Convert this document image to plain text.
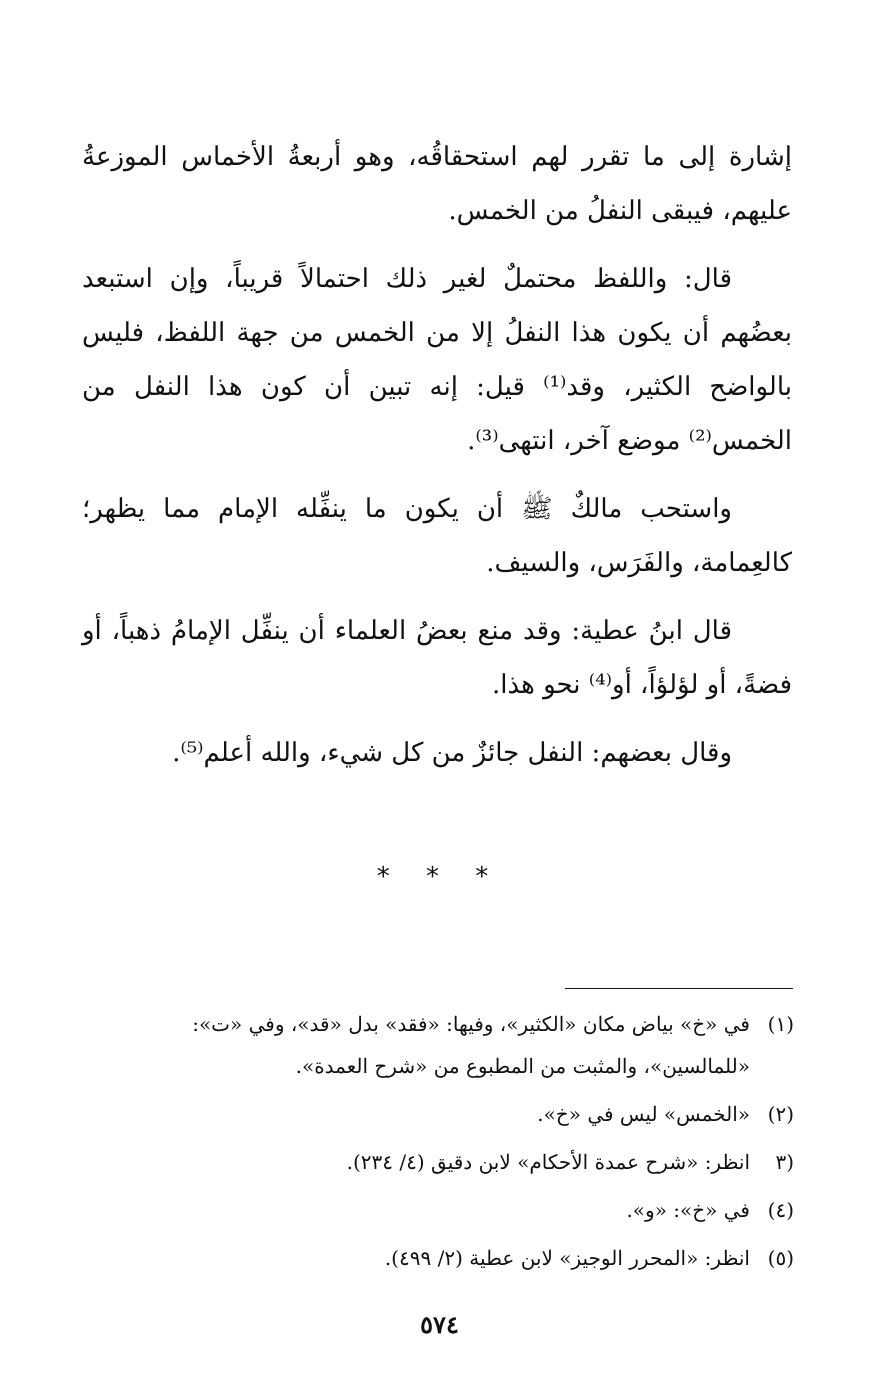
إشارة إلى ما تقرر لهم استحقاقُه، وهو أربعةُ الأخماس الموزعةُ عليهم، فيبقى النفلُ من الخمس.

قال: واللفظ محتملٌ لغير ذلك احتمالاً قريباً، وإن استبعد بعضُهم أن يكون هذا النفلُ إلا من الخمس من جهة اللفظ، فليس بالواضح الكثير، وقد⁽¹⁾ قيل: إنه تبين أن كون هذا النفل من الخمس⁽²⁾ موضع آخر، انتهى⁽³⁾.

واستحب مالكٌ ﷺ أن يكون ما ينفِّله الإمام مما يظهر؛ كالعِمامة، والفَرَس، والسيف.

قال ابنُ عطية: وقد منع بعضُ العلماء أن ينفِّل الإمامُ ذهباً، أو فضةً، أو لؤلؤاً، أو⁽⁴⁾ نحو هذا.

وقال بعضهم: النفل جائزٌ من كل شيء، والله أعلم⁽⁵⁾.

* * *

(١)في «خ» بياض مكان «الكثير»، وفيها: «فقد» بدل «قد»، وفي «ت»: «للمالسين»، والمثبت من المطبوع من «شرح العمدة».

(٢)«الخمس» ليس في «خ».

(٣انظر: «شرح عمدة الأحكام» لابن دقيق (٤/ ٢٣٤).

(٤)في «خ»: «و».

(٥)انظر: «المحرر الوجيز» لابن عطية (٢/ ٤٩٩).

٥٧٤
